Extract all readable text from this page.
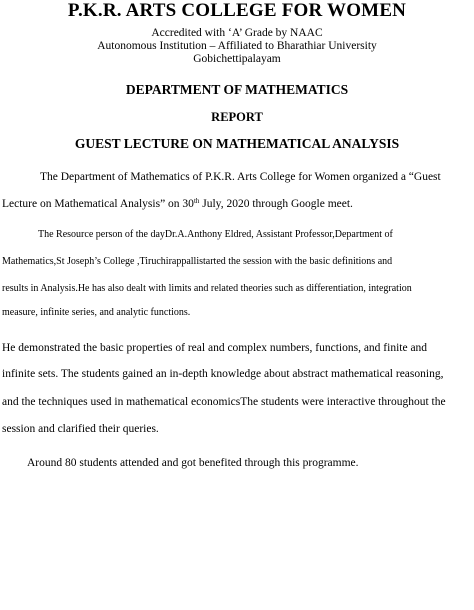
P.K.R. ARTS COLLEGE FOR WOMEN
Accredited with ‘A’ Grade by NAAC
Autonomous Institution – Affiliated to Bharathiar University
Gobichettipalayam
DEPARTMENT OF MATHEMATICS
REPORT
GUEST LECTURE ON MATHEMATICAL ANALYSIS
The Department of Mathematics of P.K.R. Arts College for Women organized a “Guest
Lecture on Mathematical Analysis” on 30th July, 2020 through Google meet.
The Resource person of the dayDr.A.Anthony Eldred, Assistant Professor,Department of
Mathematics,St Joseph’s College ,Tiruchirappallistarted the session with the basic definitions and
results in Analysis.He has also dealt with limits and related theories such as differentiation, integration
measure, infinite series, and analytic functions.
He demonstrated the basic properties of real and complex numbers, functions, and finite and
infinite sets. The students gained an in-depth knowledge about abstract mathematical reasoning,
and the techniques used in mathematical economicsThe students were interactive throughout the
session and clarified their queries.
Around 80 students attended and got benefited through this programme.
